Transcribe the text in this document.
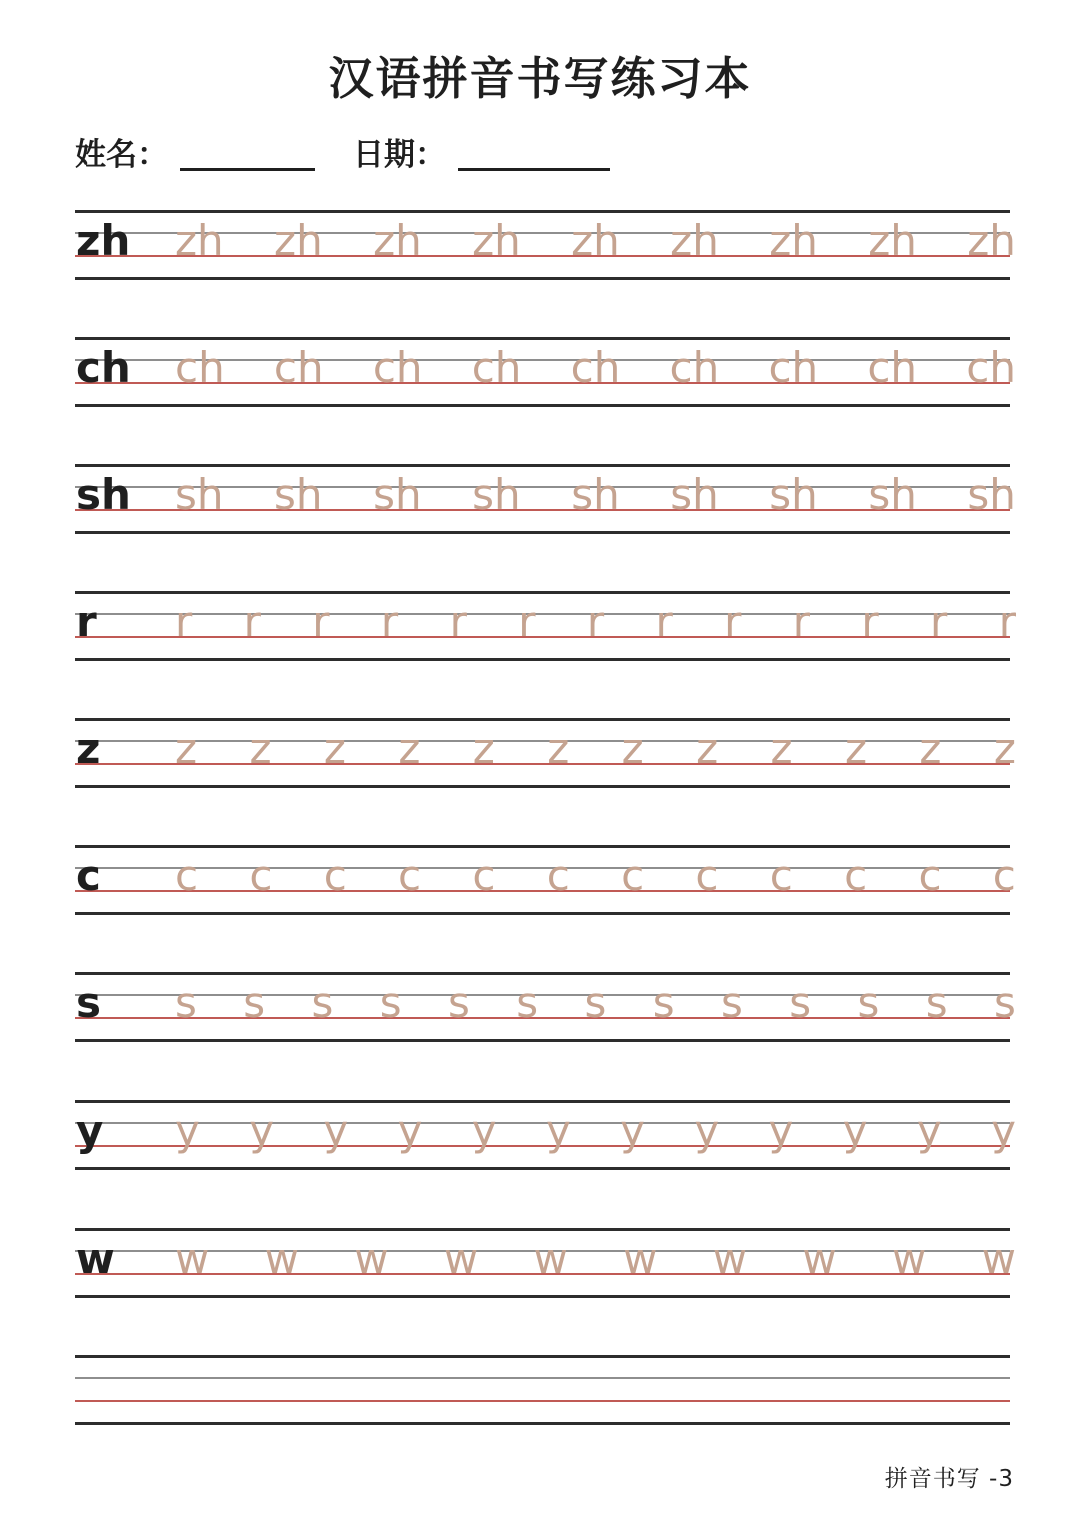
汉语拼音书写练习本
姓名：	日期：
zh zh zh zh zh zh zh zh zh zh
ch ch ch ch ch ch ch ch ch ch
sh sh sh sh sh sh sh sh sh sh
r r r r r r r r r r r r r r
z z z z z z z z z z z z z
c c c c c c c c c c c c c
s s s s s s s s s s s s s s
y y y y y y y y y y y y y
w w w w w w w w w w w
拼音书写 -3
